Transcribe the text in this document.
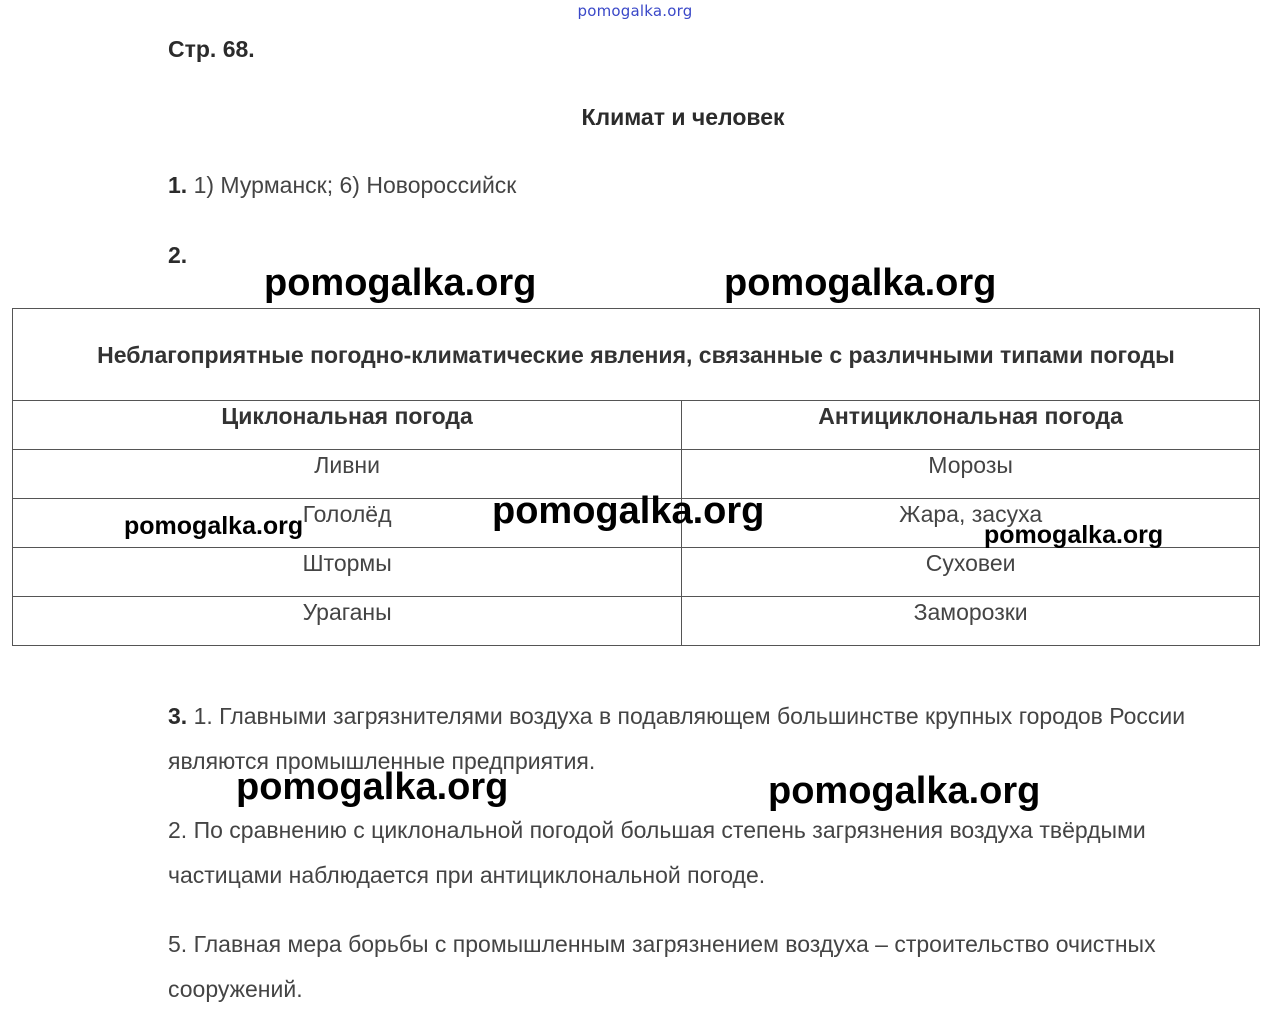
pomogalka.org
Стр. 68.
Климат и человек
1. 1) Мурманск; 6) Новороссийск
2.
Неблагоприятные погодно-климатические явления, связанные с различными типами погоды	
Циклональная погода	Антициклональная погода
Ливни	Морозы
Гололёд	Жара, засуха
Штормы	Суховеи
Ураганы	Заморозки
3. 1. Главными загрязнителями воздуха в подавляющем большинстве крупных городов России являются промышленные предприятия.
2. По сравнению с циклональной погодой большая степень загрязнения воздуха твёрдыми частицами наблюдается при антициклональной погоде.
5. Главная мера борьбы с промышленным загрязнением воздуха – строительство очистных сооружений.
pomogalka.org	pomogalka.org
pomogalka.org
pomogalka.org	pomogalka.org
pomogalka.org	pomogalka.org
